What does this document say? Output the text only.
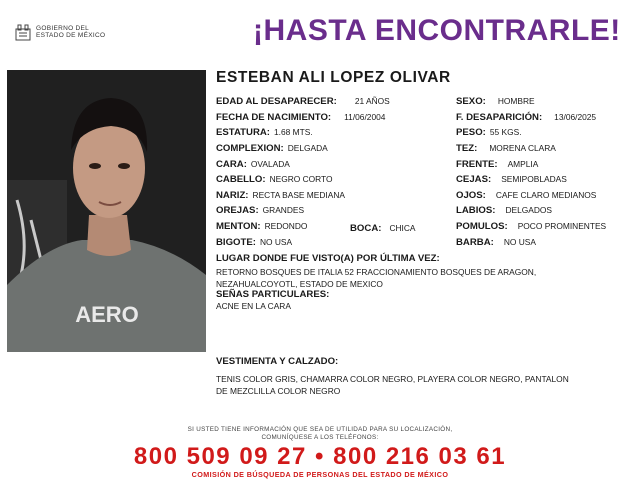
GOBIERNO DEL
ESTADO DE MÉXICO	¡HASTA ENCONTRARLE!
AERO
ESTEBAN ALI LOPEZ OLIVAR
EDAD AL DESAPARECER: 21 AÑOS
FECHA DE NACIMIENTO: 11/06/2004
ESTATURA: 1.68 MTS.
COMPLEXION: DELGADA
CARA: OVALADA
CABELLO: NEGRO CORTO
NARIZ: RECTA BASE MEDIANA
OREJAS: GRANDES
MENTON: REDONDO
BIGOTE: NO USA
BOCA: CHICA
SEXO: HOMBRE
F. DESAPARICIÓN: 13/06/2025
PESO: 55 KGS.
TEZ: MORENA CLARA
FRENTE: AMPLIA
CEJAS: SEMIPOBLADAS
OJOS: CAFE CLARO MEDIANOS
LABIOS: DELGADOS
POMULOS: POCO PROMINENTES
BARBA: NO USA
LUGAR DONDE FUE VISTO(A) POR ÚLTIMA VEZ:
RETORNO BOSQUES DE ITALIA 52 FRACCIONAMIENTO BOSQUES DE ARAGON,
NEZAHUALCOYOTL, ESTADO DE MEXICO
SEÑAS PARTICULARES:
ACNE EN LA CARA
VESTIMENTA Y CALZADO:
TENIS COLOR GRIS, CHAMARRA COLOR NEGRO, PLAYERA COLOR NEGRO, PANTALON
DE MEZCLILLA COLOR NEGRO
SI USTED TIENE INFORMACIÓN QUE SEA DE UTILIDAD PARA SU LOCALIZACIÓN,
COMUNÍQUESE A LOS TELÉFONOS:
800 509 09 27 • 800 216 03 61
COMISIÓN DE BÚSQUEDA DE PERSONAS DEL ESTADO DE MÉXICO
